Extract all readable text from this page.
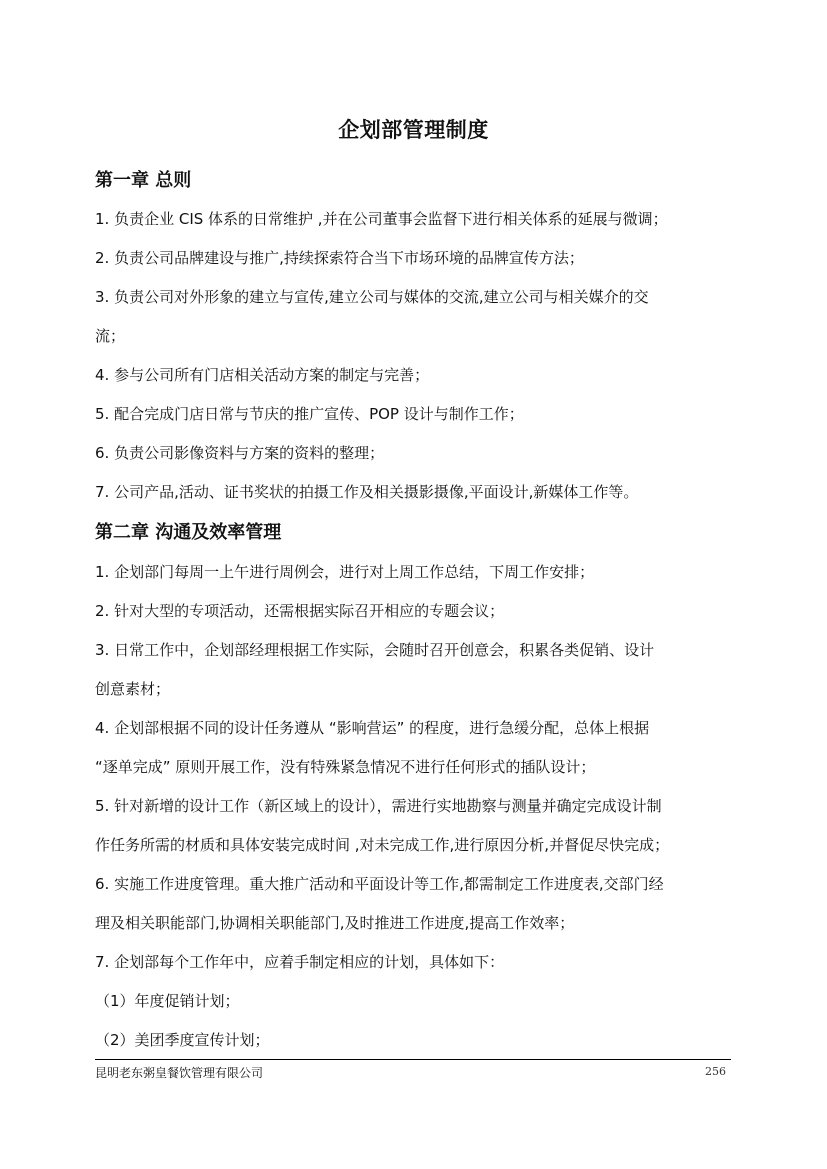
企划部管理制度
第一章 总则
1. 负责企业 CIS 体系的日常维护 ,并在公司董事会监督下进行相关体系的延展与微调；
2. 负责公司品牌建设与推广,持续探索符合当下市场环境的品牌宣传方法；
3. 负责公司对外形象的建立与宣传,建立公司与媒体的交流,建立公司与相关媒介的交
流；
4. 参与公司所有门店相关活动方案的制定与完善；
5. 配合完成门店日常与节庆的推广宣传、POP 设计与制作工作；
6. 负责公司影像资料与方案的资料的整理；
7. 公司产品,活动、证书奖状的拍摄工作及相关摄影摄像,平面设计,新媒体工作等。
第二章 沟通及效率管理
1. 企划部门每周一上午进行周例会，进行对上周工作总结，下周工作安排；
2. 针对大型的专项活动，还需根据实际召开相应的专题会议；
3. 日常工作中，企划部经理根据工作实际，会随时召开创意会，积累各类促销、设计
创意素材；
4. 企划部根据不同的设计任务遵从 “影响营运” 的程度，进行急缓分配，总体上根据
“逐单完成” 原则开展工作，没有特殊紧急情况不进行任何形式的插队设计；
5. 针对新增的设计工作（新区域上的设计），需进行实地勘察与测量并确定完成设计制
作任务所需的材质和具体安装完成时间 ,对未完成工作,进行原因分析,并督促尽快完成；
6. 实施工作进度管理。重大推广活动和平面设计等工作,都需制定工作进度表,交部门经
理及相关职能部门,协调相关职能部门,及时推进工作进度,提高工作效率；
7. 企划部每个工作年中，应着手制定相应的计划，具体如下：
（1）年度促销计划；
（2）美团季度宣传计划；
昆明老东粥皇餐饮管理有限公司	256
